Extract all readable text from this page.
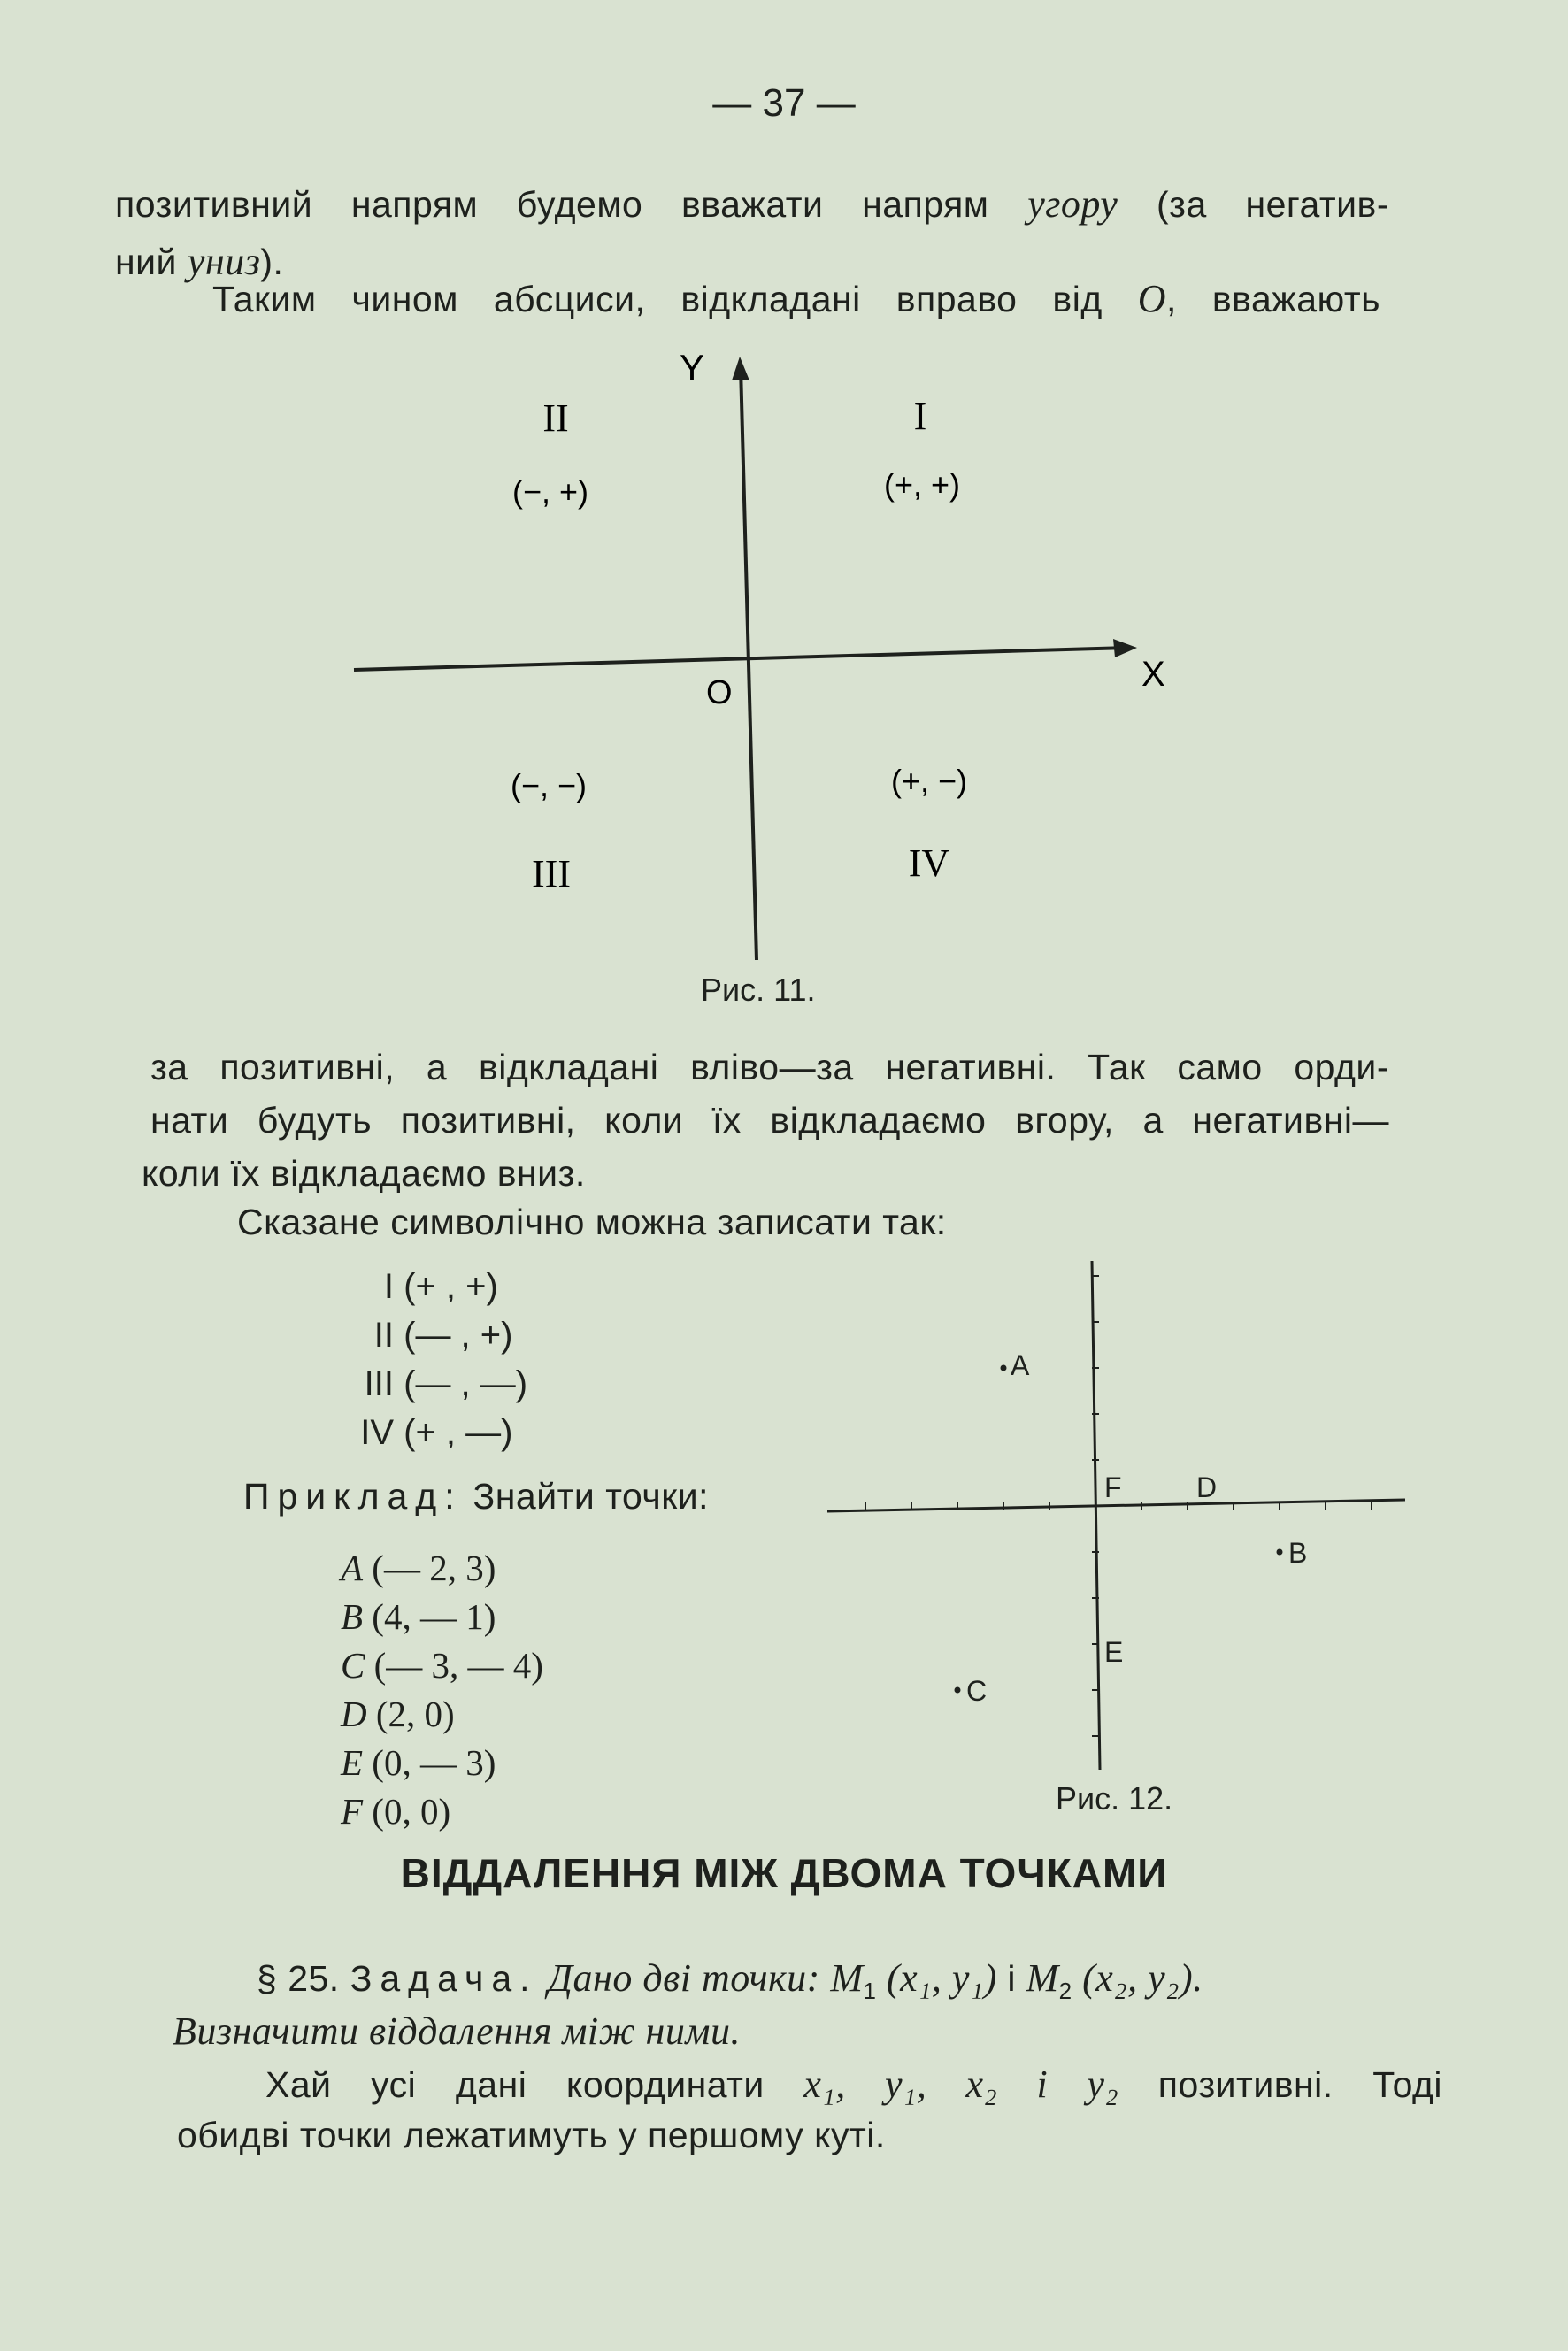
— 37 —
позитивний напрям будемо вважати напрям угору (за негатив-
ний униз).
Таким чином абсциси, відкладані вправо від O, вважають
Y
X
O
I
(+, +)
II
(−, +)
III
(−, −)
IV
(+, −)
Рис. 11.
за позитивні, а відкладані вліво—за негативні. Так само орди-
нати будуть позитивні, коли їх відкладаємо вгору, а негативні—
коли їх відкладаємо вниз.
Сказане символічно можна записати так:
I (+ , +)
II (— , +)
III (— , —)
IV (+ , —)
Приклад: Знайти точки:
A (— 2, 3)
B (4, — 1)
C (— 3, — 4)
D (2, 0)
E (0, — 3)
F (0, 0)
A
B
C
D
E
F
Рис. 12.
ВІДДАЛЕННЯ МІЖ ДВОМА ТОЧКАМИ
§ 25. Задача. Дано дві точки: $M_1$ (x₁, y₁) і $M_2$ (x₂, y₂).
Визначити віддалення між ними.
Хай усі дані координати x₁, y₁, x₂ і y₂ позитивні. Тоді
обидві точки лежатимуть у першому куті.
